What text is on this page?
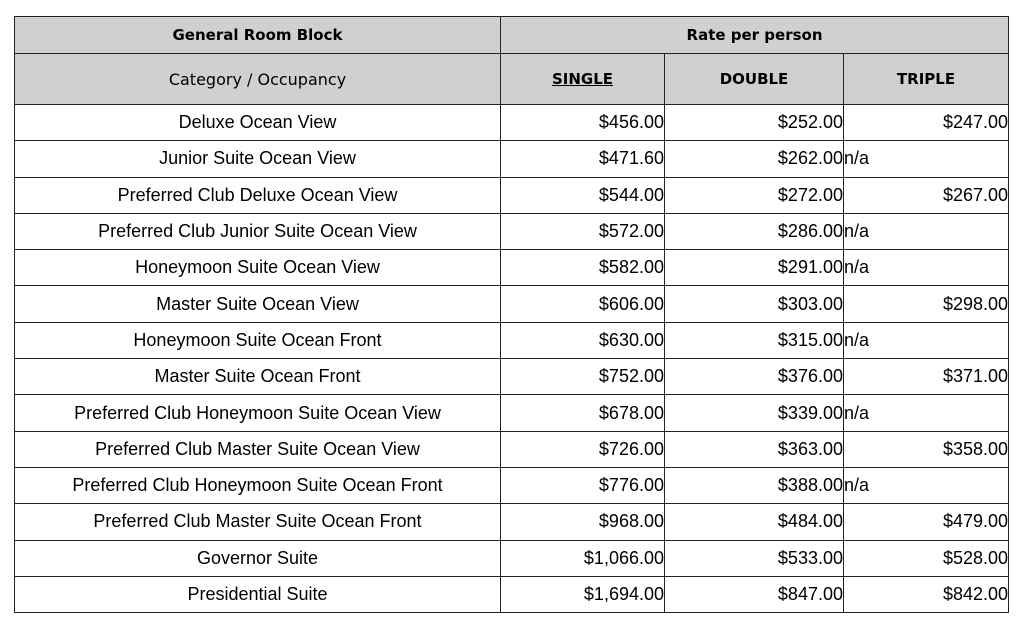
General Room Block	Rate per person		
Category / Occupancy	SINGLE	DOUBLE	TRIPLE
Deluxe Ocean View	$456.00	$252.00	$247.00
Junior Suite Ocean View	$471.60	$262.00	n/a
Preferred Club Deluxe Ocean View	$544.00	$272.00	$267.00
Preferred Club Junior Suite Ocean View	$572.00	$286.00	n/a
Honeymoon Suite Ocean View	$582.00	$291.00	n/a
Master Suite Ocean View	$606.00	$303.00	$298.00
Honeymoon Suite Ocean Front	$630.00	$315.00	n/a
Master Suite Ocean Front	$752.00	$376.00	$371.00
Preferred Club Honeymoon Suite Ocean View	$678.00	$339.00	n/a
Preferred Club Master Suite Ocean View	$726.00	$363.00	$358.00
Preferred Club Honeymoon Suite Ocean Front	$776.00	$388.00	n/a
Preferred Club Master Suite Ocean Front	$968.00	$484.00	$479.00
Governor Suite	$1,066.00	$533.00	$528.00
Presidential Suite	$1,694.00	$847.00	$842.00
